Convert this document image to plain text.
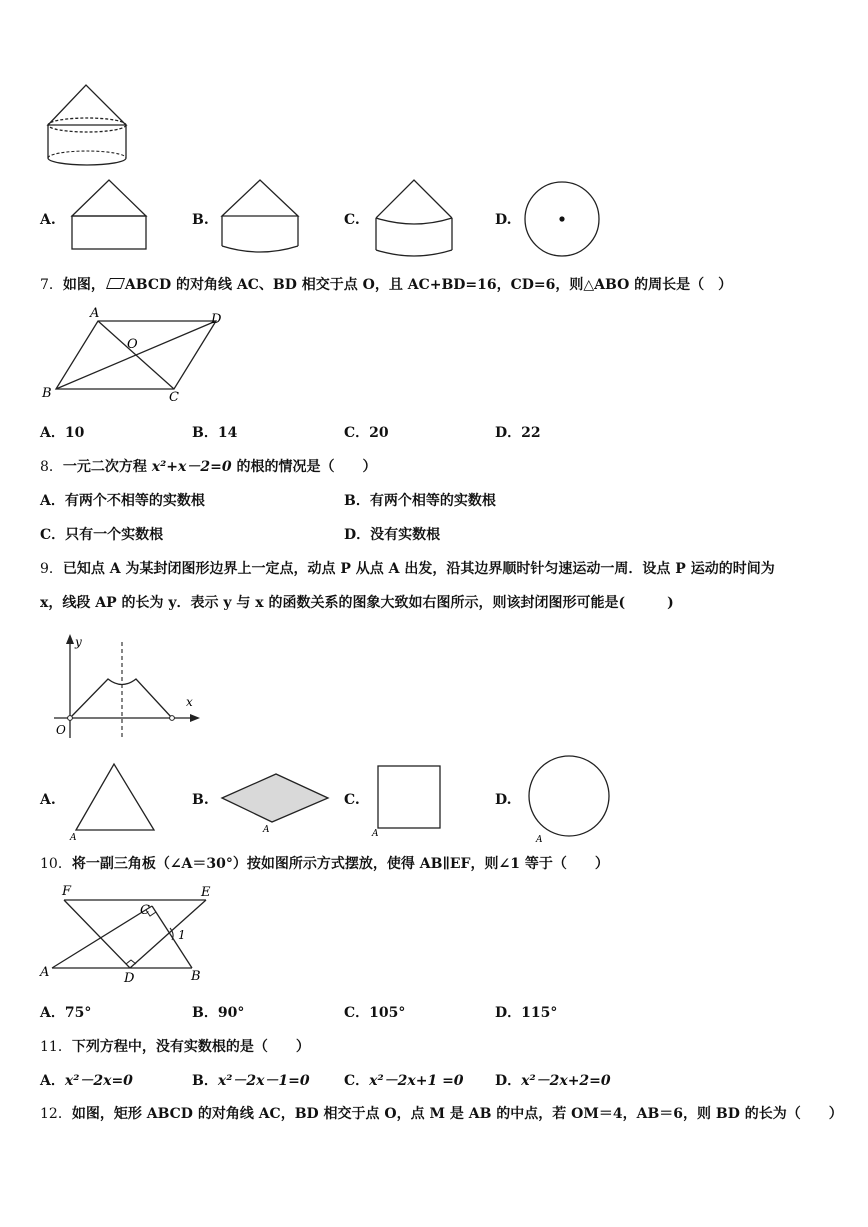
A.	B.	C.	D.
7．如图， ABCD 的对角线 AC、BD 相交于点 O，且 AC+BD=16，CD=6，则△ABO 的周长是（　）
A	D
O
B	C
A．10	B．14	C．20	D．22
8．一元二次方程 x²+x－2=0 的根的情况是（　　）
A．有两个不相等的实数根	B．有两个相等的实数根
C．只有一个实数根	D．没有实数根
9．已知点 A 为某封闭图形边界上一定点，动点 P 从点 A 出发，沿其边界顺时针匀速运动一周．设点 P 运动的时间为
x，线段 AP 的长为 y．表示 y 与 x 的函数关系的图象大致如右图所示，则该封闭图形可能是(　　　)
y
x
O
A.
A
B.
A
C.
A
D.
A
10．将一副三角板（∠A＝30°）按如图所示方式摆放，使得 AB∥EF，则∠1 等于（　　）
F	E
C
1
A	D	B
A．75°	B．90°	C．105°	D．115°
11．下列方程中，没有实数根的是（　　）
A．x²－2x=0	B．x²－2x－1=0 C．x²－2x+1 =0 D．x²－2x+2=0
12．如图，矩形 ABCD 的对角线 AC，BD 相交于点 O，点 M 是 AB 的中点，若 OM＝4，AB＝6，则 BD 的长为（　　）
